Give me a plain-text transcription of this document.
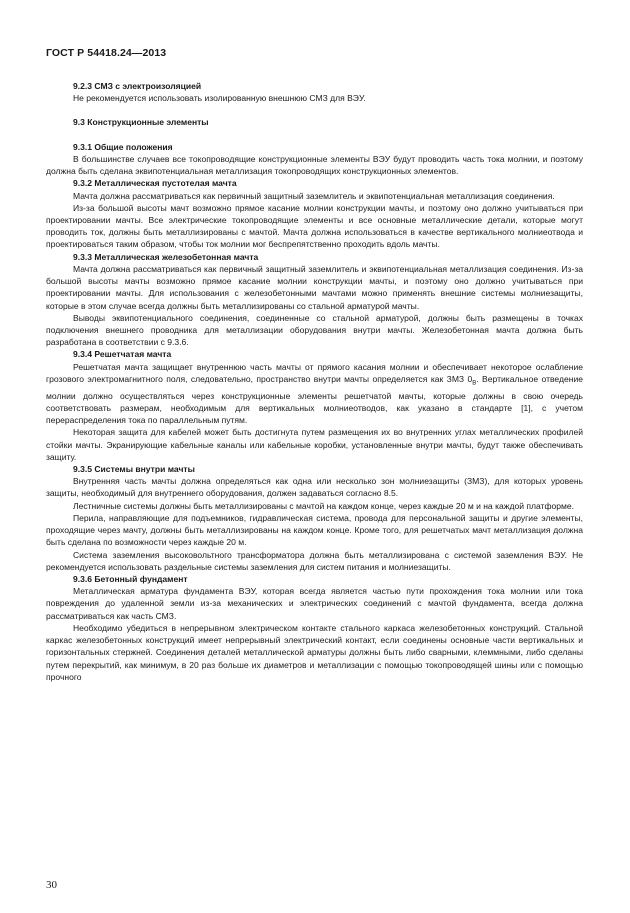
ГОСТ Р 54418.24—2013
9.2.3 СМЗ с электроизоляцией

Не рекомендуется использовать изолированную внешнюю СМЗ для ВЭУ.

9.3 Конструкционные элементы
9.3.1 Общие положения

В большинстве случаев все токопроводящие конструкционные элементы ВЭУ будут проводить часть тока молнии, и поэтому должна быть сделана эквипотенциальная металлизация токопроводящих конструкционных элементов.

9.3.2 Металлическая пустотелая мачта

Мачта должна рассматриваться как первичный защитный заземлитель и эквипотенциальная металлизация соединения.

Из-за большой высоты мачт возможно прямое касание молнии конструкции мачты, и поэтому оно должно учитываться при проектировании мачты. Все электрические токопроводящие элементы и все основные металлические детали, которые могут проводить ток, должны быть металлизированы с мачтой. Мачта должна использоваться в качестве вертикального молниеотвода и проектироваться таким образом, чтобы ток молнии мог беспрепятственно проходить вдоль мачты.

9.3.3 Металлическая железобетонная мачта

Мачта должна рассматриваться как первичный защитный заземлитель и эквипотенциальная металлизация соединения. Из-за большой высоты мачты возможно прямое касание молнии конструкции мачты, и поэтому оно должно учитываться при проектировании мачты. Для использования с железобетонными мачтами можно применять внешние системы молниезащиты, которые в этом случае всегда должны быть металлизированы со стальной арматурой мачты.

Выводы эквипотенциального соединения, соединенные со стальной арматурой, должны быть размещены в точках подключения внешнего проводника для металлизации оборудования внутри мачты. Железобетонная мачта должна быть разработана в соответствии с 9.3.6.

9.3.4 Решетчатая мачта

Решетчатая мачта защищает внутреннюю часть мачты от прямого касания молнии и обеспечивает некоторое ослабление грозового электромагнитного поля, следовательно, пространство внутри мачты определяется как ЗМЗ $0_B$. Вертикальное отведение молнии должно осуществляться через конструкционные элементы решетчатой мачты, которые должны в свою очередь соответствовать размерам, необходимым для вертикальных молниеотводов, как указано в стандарте [1], с учетом перераспределения тока по параллельным путям.

Некоторая защита для кабелей может быть достигнута путем размещения их во внутренних углах металлических профилей стойки мачты. Экранирующие кабельные каналы или кабельные коробки, установленные внутри мачты, будут также обеспечивать защиту.

9.3.5 Системы внутри мачты

Внутренняя часть мачты должна определяться как одна или несколько зон молниезащиты (ЗМЗ), для которых уровень защиты, необходимый для внутреннего оборудования, должен задаваться согласно 8.5.

Лестничные системы должны быть металлизированы с мачтой на каждом конце, через каждые 20 м и на каждой платформе.

Перила, направляющие для подъемников, гидравлическая система, провода для персональной защиты и другие элементы, проходящие через мачту, должны быть металлизированы на каждом конце. Кроме того, для решетчатых мачт металлизация должна быть сделана по возможности через каждые 20 м.

Система заземления высоковольтного трансформатора должна быть металлизирована с системой заземления ВЭУ. Не рекомендуется использовать раздельные системы заземления для систем питания и молниезащиты.

9.3.6 Бетонный фундамент

Металлическая арматура фундамента ВЭУ, которая всегда является частью пути прохождения тока молнии или тока повреждения до удаленной земли из-за механических и электрических соединений с мачтой фундамента, всегда должна рассматриваться как часть СМЗ.

Необходимо убедиться в непрерывном электрическом контакте стального каркаса железобетонных конструкций. Стальной каркас железобетонных конструкций имеет непрерывный электрический контакт, если соединены основные части вертикальных и горизонтальных стержней. Соединения деталей металлической арматуры должны быть либо сварными, клеммными, либо сделаны путем перекрытий, как минимум, в 20 раз больше их диаметров и металлизации с помощью токопроводящей шины или с помощью прочного

30
